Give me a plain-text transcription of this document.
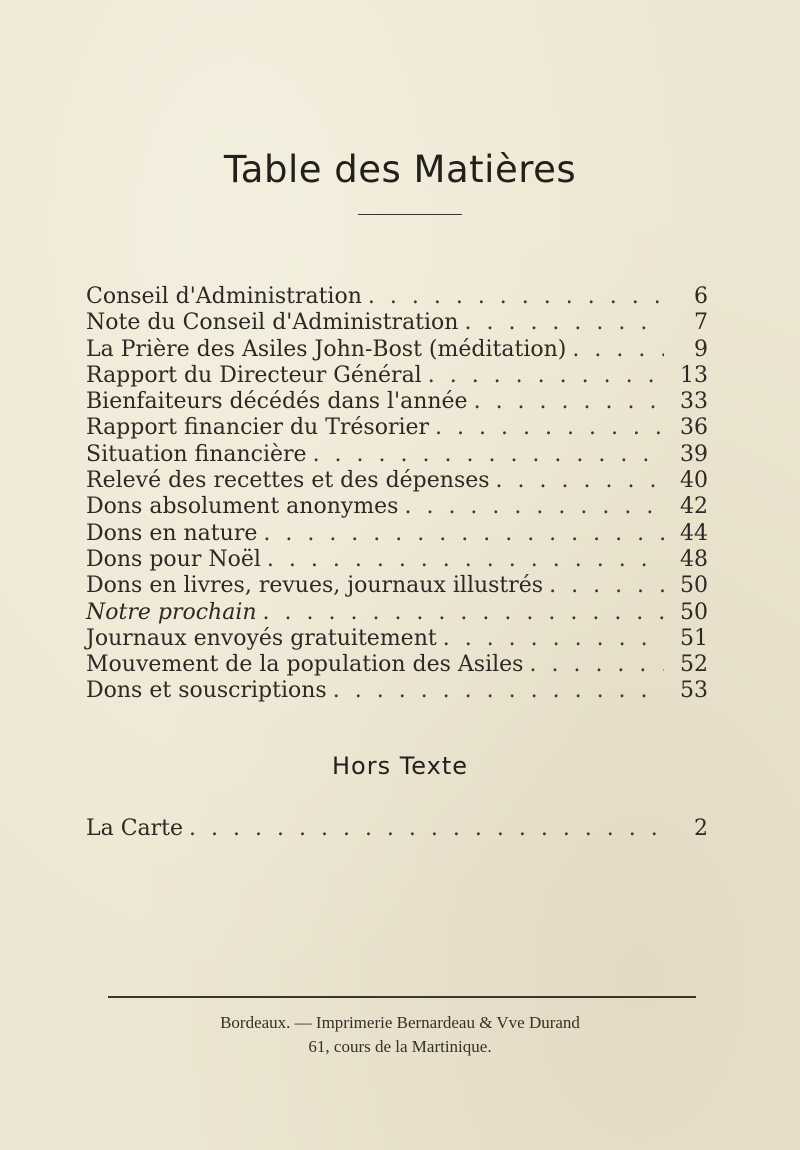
Table des Matières
Conseil d'Administration . . .	6
Note du Conseil d'Administration . . .	7
La Prière des Asiles John-Bost (méditation) . . .	9
Rapport du Directeur Général . . .	13
Bienfaiteurs décédés dans l'année . . .	33
Rapport financier du Trésorier . . .	36
Situation financière . . .	39
Relevé des recettes et des dépenses . . .	40
Dons absolument anonymes . . .	42
Dons en nature . . .	44
Dons pour Noël . . .	48
Dons en livres, revues, journaux illustrés . . .	50
Notre prochain . . .	50
Journaux envoyés gratuitement . . .	51
Mouvement de la population des Asiles . . .	52
Dons et souscriptions . . .	53
Hors Texte
La Carte . . .	2
Bordeaux. — Imprimerie Bernardeau & Vve Durand
61, cours de la Martinique.
